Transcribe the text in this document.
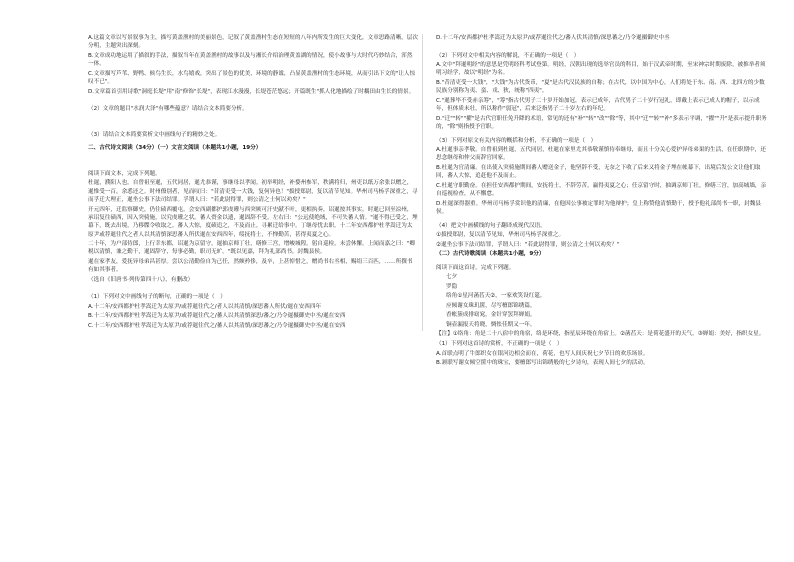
A.这篇文章以写景叙事为主，描写黄盖渔村的美丽景色，记叙了黄盖渔村生态在短短的八年内所发生的巨大变化，文章思路清晰，层次分明，主题突出深刻。
B.文章成功地运用了描叙的手法，描叙当年在黄盖渔村的故事以及与湘长介绍治理黄盖湖的情况，使小故事与大时代巧妙结合，浑然一体。
C.文章描写芦苇、野鸭、候鸟生长，水鸟嬉戏，突出了景色的优美，环境的静谧，凸显黄盖渔村的生态环境，从而引出下文的"让人惊叹不已"。
D.文章篇首引用诗歌"洞庭长堤"用"南"修饰"长堤"，表现江水漫漫，长堤苍茫悠远；开篇既生"抓人化地描绘了时耦田由生长的情景。
（2）文章的题目"水润大泽"有哪些蕴意？请结合文本简要分析。
（3）请结合文本简要赏析文中画线句子的精妙之处。
二、古代诗文阅读（34分）（一）文言文阅读（本题共1小题，19分）
阅读下面文本，完成下列题。
杜暹，濮阳人也。自曾祖至暹，五代同居，暹尤恭谨，事继母以孝闻。初举明经，补婺州参军，秩满将归，州吏以纸万余张以赠之，暹惟受一百，余悉还之。时州僚别者，见而叹曰："昔清吏受一大钱，复何异也！"拔授郑尉，复以清节见知。华州司马杨孚深重之，寻而孚迁大理正，暹坐公事下法司结罪。孚谓人曰："若此尉得罪，则公清之士何以劝矣？"
开元四年，迁监察御史，仍往碛西覆屯。会安西副都护郭虔瓘与西突厥可汗史献不叶，更相执奏，诏暹按其事实。时暹已回至凉州，承诏复往碛西，因入突骑施，以究虔瓘之状。蕃人赍金以遗，暹固辞不受。左右曰："公远使绝域，不可失蕃人情。"暹不得已受之，埋幕下，既去出境，乃移牒令收取之。蕃人大惊，度碛追之，不及而止。寻累迁给事中。丁继母忧去职。十二年安西都护杜孝嵩迁为太原尹或荐暹往代之者人以其清慎深思蕃人所伏暹在安西四年，绥抚将士，不惮勤苦，甚得夷夏之心。
二十年，为户部侍郎，上行幸东都，诏暹为京留守，暹抽京师丁壮，缮修三宫，增峻城隍，躬自巡检，未尝休懈。上闻而嘉之曰："卿税以清慎，兼之勤干，暹固辞守，每事必勤，职司无旷。"既以见嘉，拜为礼部尚书，封魏县侯。
暹在家孝友，爱抚异母弟昌甚厚。尝以公清勤俭自为己任，然颇矜侈，及卒，上甚悼惜之，赠尚书右丞相，赐绢三百匹，……所撰书有如其事者。
（选自《旧唐书·列传第四十八》，有删改）
（1）下列对文中画线句子的断句，正确的一项是（　）
A.十二年/安西都护杜孝嵩迁为太原尹/或荐暹往代之/者人以其清慎/深思蕃人所伏/暹在安西四年
B.十二年/安西都护杜孝嵩迁为太原尹/或荐暹往代之/蕃人以其清慎深思/蕃之/乃令暹摄御史中丞/暹在安西
C.十二年/安西都护杜孝嵩迁为太原尹/或荐暹往代之/蕃人以其清慎/深思蕃之/乃令暹摄御史中丞/暹在安西
D.十二年/安西都护杜孝嵩迁为太原尹/或荐暹往代之/蕃人伏其清慎/深思蕃之/乃令暹摄御史中丞
（2）下列对文中相关内容的解说，不正确的一项是（　）
A.文中"拜暹明经"的意思是凭明经科考试登第。明经，汉朝出现的选举官员的科目，始于汉武帝时期，至宋神宗时期废除。被推举者须明习经学，故以"明经"为名。
B."昔清吏受一大钱"，"大钱"为古代货币，"夏"是古代汉民族的自称；在古代，以中国为中心，人们将处于东、南、西、北四方的少数民族分别称为夷、蛮、戎、狄，统称"四夷"。
C."暹葬毕不受赤亲筹"，"筹"指古代男子二十岁开始加冠，表示已成年，古代男子二十岁行冠礼，即戴上表示已成人的帽子，以示成年，但体质未壮，所以称作"弱冠"，后来泛指男子二十岁左右的年纪。
D."迁""转""擢"是古代官职任免升降的术语，常见的还有"补""转""改""除"等，其中"迁""转""补"多表示平调，"擢""升"是表示提升职务的，"除"则指授予官职。
（3）下列对原文有关内容的概括和分析，不正确的一项是（　）
A.杜暹事亲孝敬。自曾祖到杜暹，五代同居，杜暹在家里尤其恭敬谨慎侍奉继母，而且十分关心爱护异母弟果的生活，在任职期中，还思念继母和仲父而辞官回家。
B.杜暹为官清廉。在出使入突骑施期间蕃人赠送金子，他坚辞不受，无奈之下收了后来又将金子埋在帐幕下，出境后发公文让他们取回，蕃人大惊，追赶他不及而止。
C.杜暹守职勤奋。在担任安西都护期间，安抚将士，不辞劳苦，赢得夷夏之心；任京留守时，抽调京师丁壮，修缮三宫，加高城墙，亲自巡视检查，从不懈怠。
D.杜暹深得器重。华州司马杨孚赏识他的清廉，在他因公事被定罪时为他辩护；皇上称赞他清慎勤干，授予他礼部尚书一职，封魏县侯。
（4）把文中画横线的句子翻译成现代汉语。
①拔授郑尉，复以清节见知，华州司马杨孚深重之。
②暹坐公事下法司结罪，孚谓人曰："若此尉得罪，则公清之士何以劝矣？"
（二）古代诗歌阅读（本题共1小题，9分）
阅读下面这首诗，完成下列题。
七夕
罗隐
络角①星河菡萏天②，一家欢笑设红筵。
应倾谢女珠玑箧，尽写檀郎锦绣篇。
香帐簇成排窈窕，金针穿罢拜婵娟。
铜壶漏报天将晓，惆怅佳期又一年。
【注】①络角：角是二十八宿中的角宿，络是环绕，指星辰环绕在角宿上。②菡萏天：是荷花盛开的天气。③婵娟：美好，指织女星。
（1）下列对这首诗的赏析，不正确的一项是（　）
A.首联点明了牛郎织女在银河边相会而在，荷花，也写人间庆祝七夕节日的欢乐场景。
B.颔联写谢女倾空箧中的珠宝，要檀郎写出锦绣般的七夕诗句，表现人间七夕的活动。
